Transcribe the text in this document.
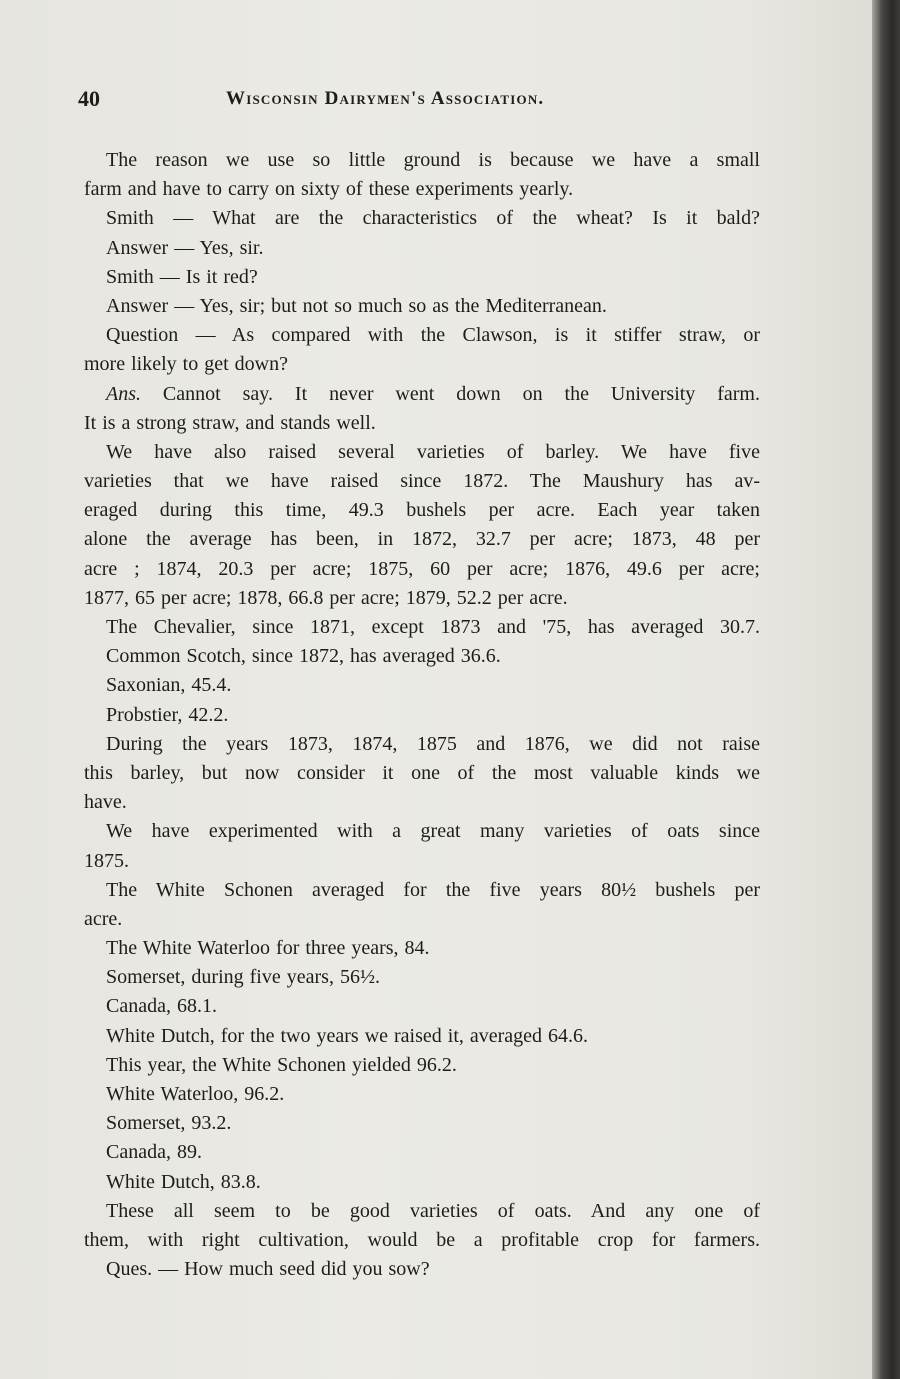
40	Wisconsin Dairymen's Association.
The reason we use so little ground is because we have a small
farm and have to carry on sixty of these experiments yearly.
Smith — What are the characteristics of the wheat? Is it bald?
Answer — Yes, sir.
Smith — Is it red?
Answer — Yes, sir; but not so much so as the Mediterranean.
Question — As compared with the Clawson, is it stiffer straw, or
more likely to get down?
Ans. Cannot say. It never went down on the University farm.
It is a strong straw, and stands well.
We have also raised several varieties of barley. We have five
varieties that we have raised since 1872. The Maushury has av-
eraged during this time, 49.3 bushels per acre. Each year taken
alone the average has been, in 1872, 32.7 per acre; 1873, 48 per
acre ; 1874, 20.3 per acre; 1875, 60 per acre; 1876, 49.6 per acre;
1877, 65 per acre; 1878, 66.8 per acre; 1879, 52.2 per acre.
The Chevalier, since 1871, except 1873 and '75, has averaged 30.7.
Common Scotch, since 1872, has averaged 36.6.
Saxonian, 45.4.
Probstier, 42.2.
During the years 1873, 1874, 1875 and 1876, we did not raise
this barley, but now consider it one of the most valuable kinds we
have.
We have experimented with a great many varieties of oats since
1875.
The White Schonen averaged for the five years 80½ bushels per
acre.
The White Waterloo for three years, 84.
Somerset, during five years, 56½.
Canada, 68.1.
White Dutch, for the two years we raised it, averaged 64.6.
This year, the White Schonen yielded 96.2.
White Waterloo, 96.2.
Somerset, 93.2.
Canada, 89.
White Dutch, 83.8.
These all seem to be good varieties of oats. And any one of
them, with right cultivation, would be a profitable crop for farmers.
Ques. — How much seed did you sow?
